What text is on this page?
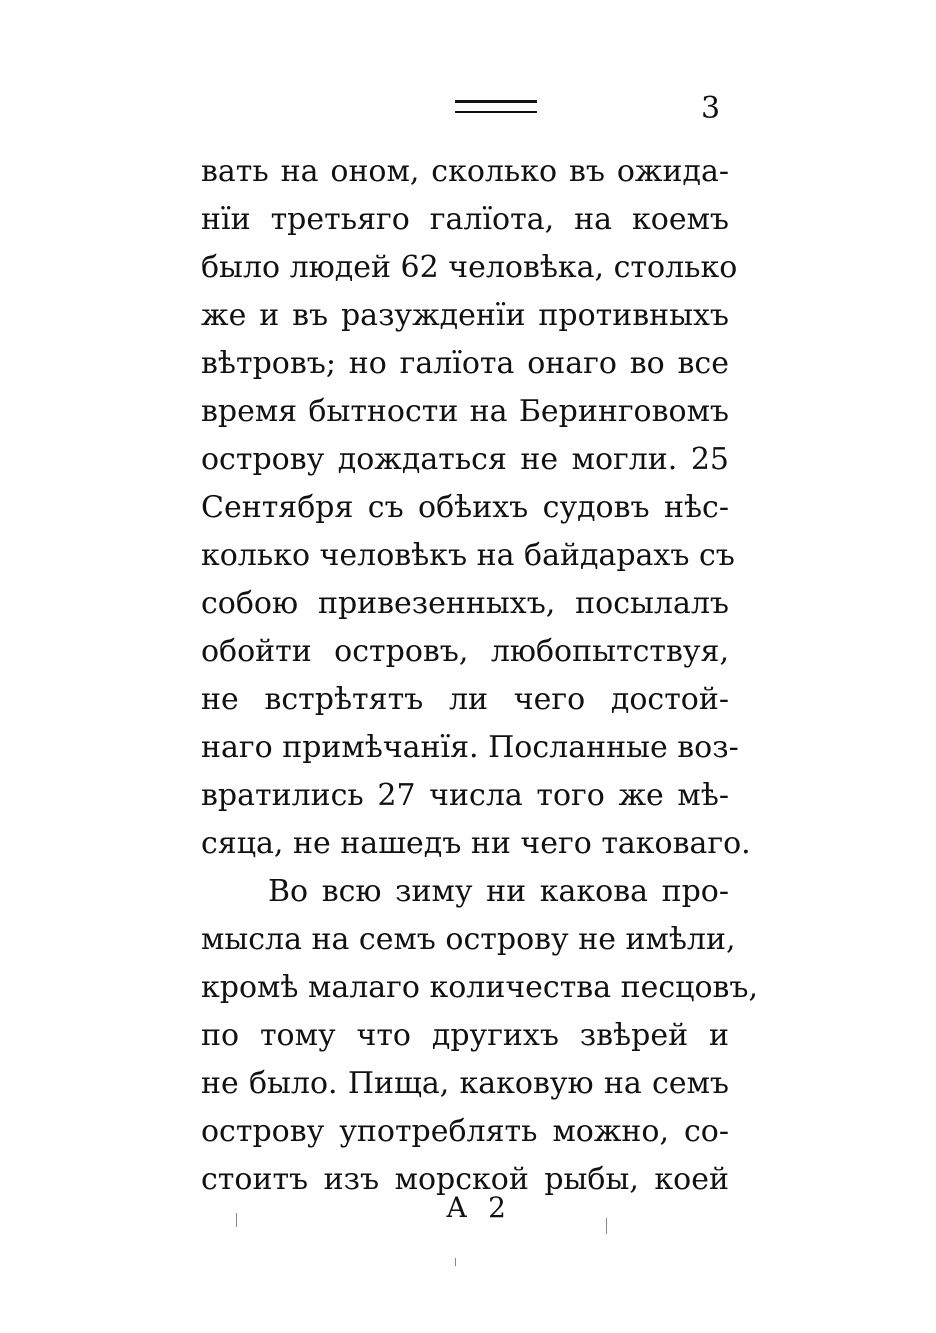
3
вать на оном, сколько въ ожида-
нїи третьяго галїота, на коемъ
было людей 62 человѣка, столько
же и въ разужденїи противныхъ
вѣтровъ; но галїота онаго во все
время бытности на Беринговомъ
острову дождаться не могли. 25
Сентября съ обѣихъ судовъ нѣс-
колько человѣкъ на байдарахъ съ
собою привезенныхъ, посылалъ
обойти островъ, любопытствуя,
не встрѣтятъ ли чего достой-
наго примѣчанїя. Посланные воз-
вратились 27 числа того же мѣ-
сяца, не нашедъ ни чего таковаго.
Во всю зиму ни какова про-
мысла на семъ острову не имѣли,
кромѣ малаго количества песцовъ,
по тому что другихъ звѣрей и
не было. Пища, каковую на семъ
острову употреблять можно, со-
стоитъ изъ морской рыбы, коей
А 2
